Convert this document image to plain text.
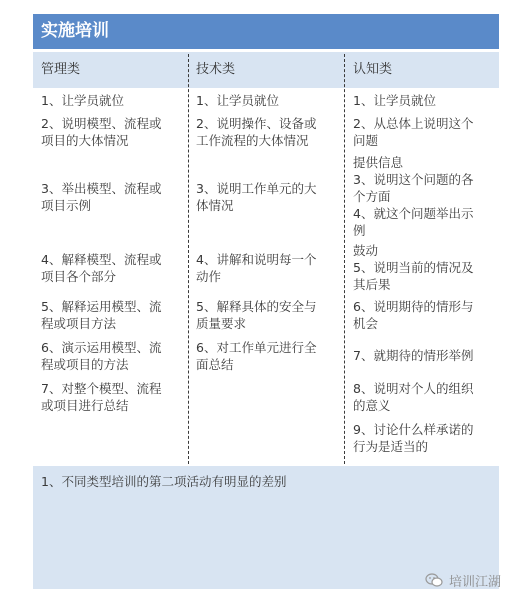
实施培训
管理类	技术类	认知类
1、让学员就位
2、说明模型、流程或
项目的大体情况
3、举出模型、流程或
项目示例
4、解释模型、流程或
项目各个部分
5、解释运用模型、流
程或项目方法
6、演示运用模型、流
程或项目的方法
7、对整个模型、流程
或项目进行总结
1、让学员就位
2、说明操作、设备或
工作流程的大体情况
3、说明工作单元的大
体情况
4、讲解和说明每一个
动作
5、解释具体的安全与
质量要求
6、对工作单元进行全
面总结
1、让学员就位
2、从总体上说明这个
问题
提供信息
3、说明这个问题的各
个方面
4、就这个问题举出示
例
鼓动
5、说明当前的情况及
其后果
6、说明期待的情形与
机会
7、就期待的情形举例
8、说明对个人的组织
的意义
9、讨论什么样承诺的
行为是适当的
1、不同类型培训的第二项活动有明显的差别
培训江湖
